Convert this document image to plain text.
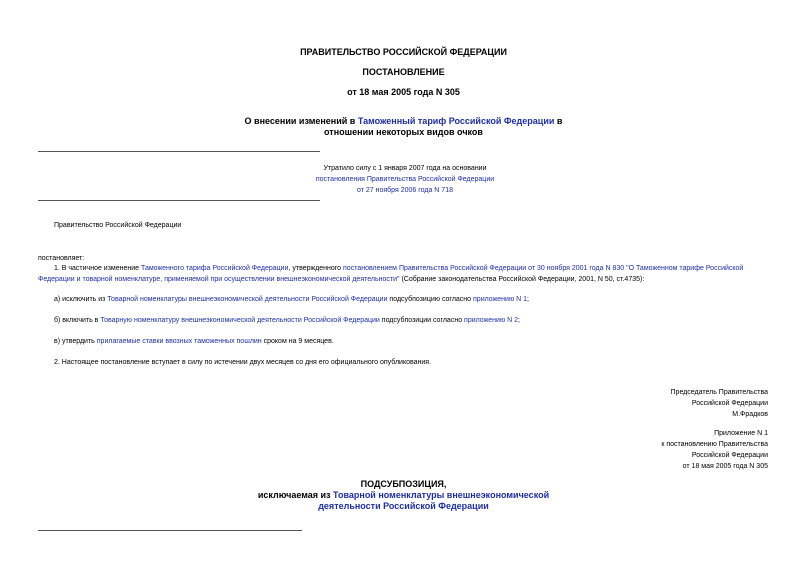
ПРАВИТЕЛЬСТВО РОССИЙСКОЙ ФЕДЕРАЦИИ
ПОСТАНОВЛЕНИЕ
от 18 мая 2005 года N 305
О внесении изменений в Таможенный тариф Российской Федерации в
отношении некоторых видов очков
Утратило силу с 1 января 2007 года на основании
постановления Правительства Российской Федерации
от 27 ноября 2006 года N 718
Правительство Российской Федерации
постановляет:
1. В частичное изменение Таможенного тарифа Российской Федерации, утвержденного постановлением Правительства Российской Федерации от 30 ноября 2001 года N 830 "О Таможенном тарифе Российской
Федерации и товарной номенклатуре, применяемой при осуществлении внешнеэкономической деятельности" (Собрание законодательства Российской Федерации, 2001, N 50, ст.4735):
а) исключить из Товарной номенклатуры внешнеэкономической деятельности Российской Федерации подсубпозицию согласно приложению N 1;
б) включить в Товарную номенклатуру внешнеэкономической деятельности Российской Федерации подсубпозиции согласно приложению N 2;
в) утвердить прилагаемые ставки ввозных таможенных пошлин сроком на 9 месяцев.
2. Настоящее постановление вступает в силу по истечении двух месяцев со дня его официального опубликования.
Председатель Правительства
Российской Федерации
М.Фрадков
Приложение N 1
к постановлению Правительства
Российской Федерации
от 18 мая 2005 года N 305
ПОДСУБПОЗИЦИЯ,
исключаемая из Товарной номенклатуры внешнеэкономической
деятельности Российской Федерации
